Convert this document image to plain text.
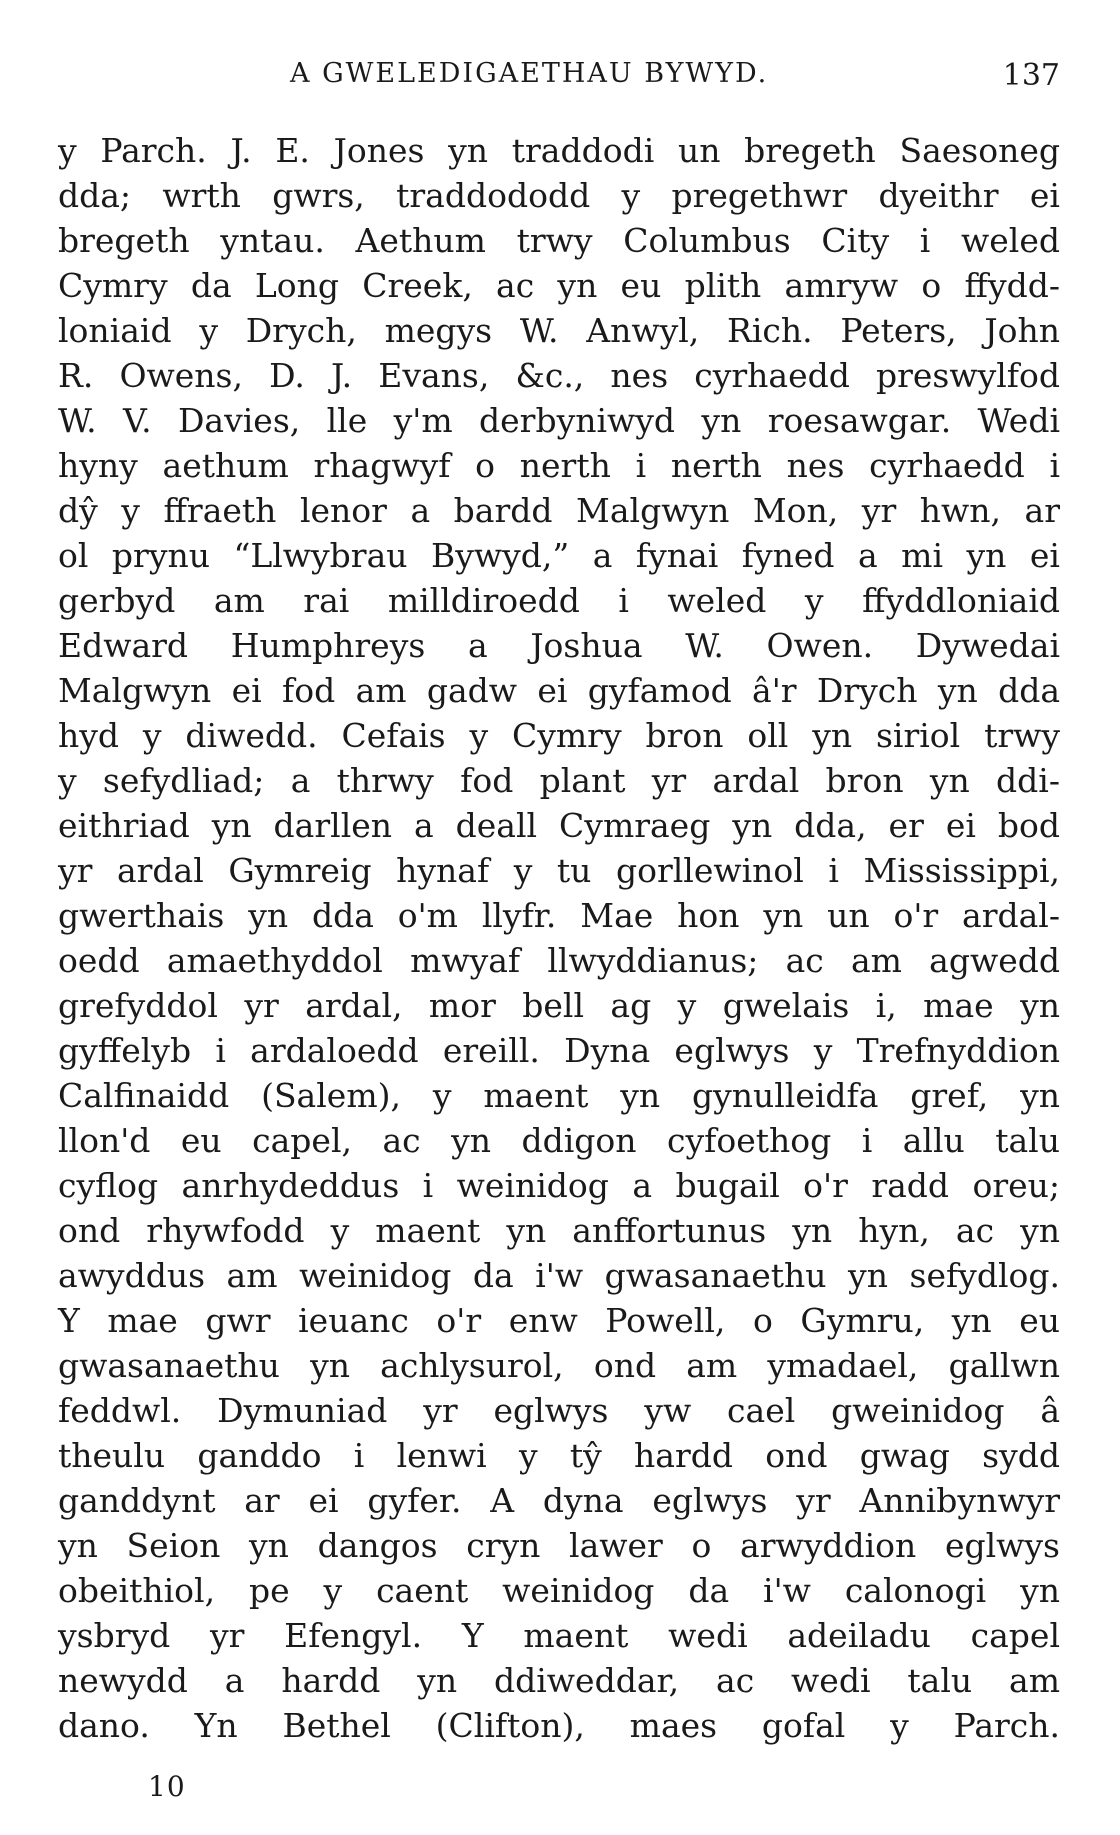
A GWELEDIGAETHAU BYWYD.	137
y Parch. J. E. Jones yn traddodi un bregeth Saesoneg
dda; wrth gwrs, traddododd y pregethwr dyeithr ei
bregeth yntau. Aethum trwy Columbus City i weled
Cymry da Long Creek, ac yn eu plith amryw o ffydd-
loniaid y Drych, megys W. Anwyl, Rich. Peters, John
R. Owens, D. J. Evans, &c., nes cyrhaedd preswylfod
W. V. Davies, lle y'm derbyniwyd yn roesawgar. Wedi
hyny aethum rhagwyf o nerth i nerth nes cyrhaedd i
dŷ y ffraeth lenor a bardd Malgwyn Mon, yr hwn, ar
ol prynu “Llwybrau Bywyd,” a fynai fyned a mi yn ei
gerbyd am rai milldiroedd i weled y ffyddloniaid
Edward Humphreys a Joshua W. Owen. Dywedai
Malgwyn ei fod am gadw ei gyfamod â'r Drych yn dda
hyd y diwedd. Cefais y Cymry bron oll yn siriol trwy
y sefydliad; a thrwy fod plant yr ardal bron yn ddi-
eithriad yn darllen a deall Cymraeg yn dda, er ei bod
yr ardal Gymreig hynaf y tu gorllewinol i Mississippi,
gwerthais yn dda o'm llyfr. Mae hon yn un o'r ardal-
oedd amaethyddol mwyaf llwyddianus; ac am agwedd
grefyddol yr ardal, mor bell ag y gwelais i, mae yn
gyffelyb i ardaloedd ereill. Dyna eglwys y Trefnyddion
Calfinaidd (Salem), y maent yn gynulleidfa gref, yn
llon'd eu capel, ac yn ddigon cyfoethog i allu talu
cyflog anrhydeddus i weinidog a bugail o'r radd oreu;
ond rhywfodd y maent yn anffortunus yn hyn, ac yn
awyddus am weinidog da i'w gwasanaethu yn sefydlog.
Y mae gwr ieuanc o'r enw Powell, o Gymru, yn eu
gwasanaethu yn achlysurol, ond am ymadael, gallwn
feddwl. Dymuniad yr eglwys yw cael gweinidog â
theulu ganddo i lenwi y tŷ hardd ond gwag sydd
ganddynt ar ei gyfer. A dyna eglwys yr Annibynwyr
yn Seion yn dangos cryn lawer o arwyddion eglwys
obeithiol, pe y caent weinidog da i'w calonogi yn
ysbryd yr Efengyl. Y maent wedi adeiladu capel
newydd a hardd yn ddiweddar, ac wedi talu am
dano. Yn Bethel (Clifton), maes gofal y Parch.
10
